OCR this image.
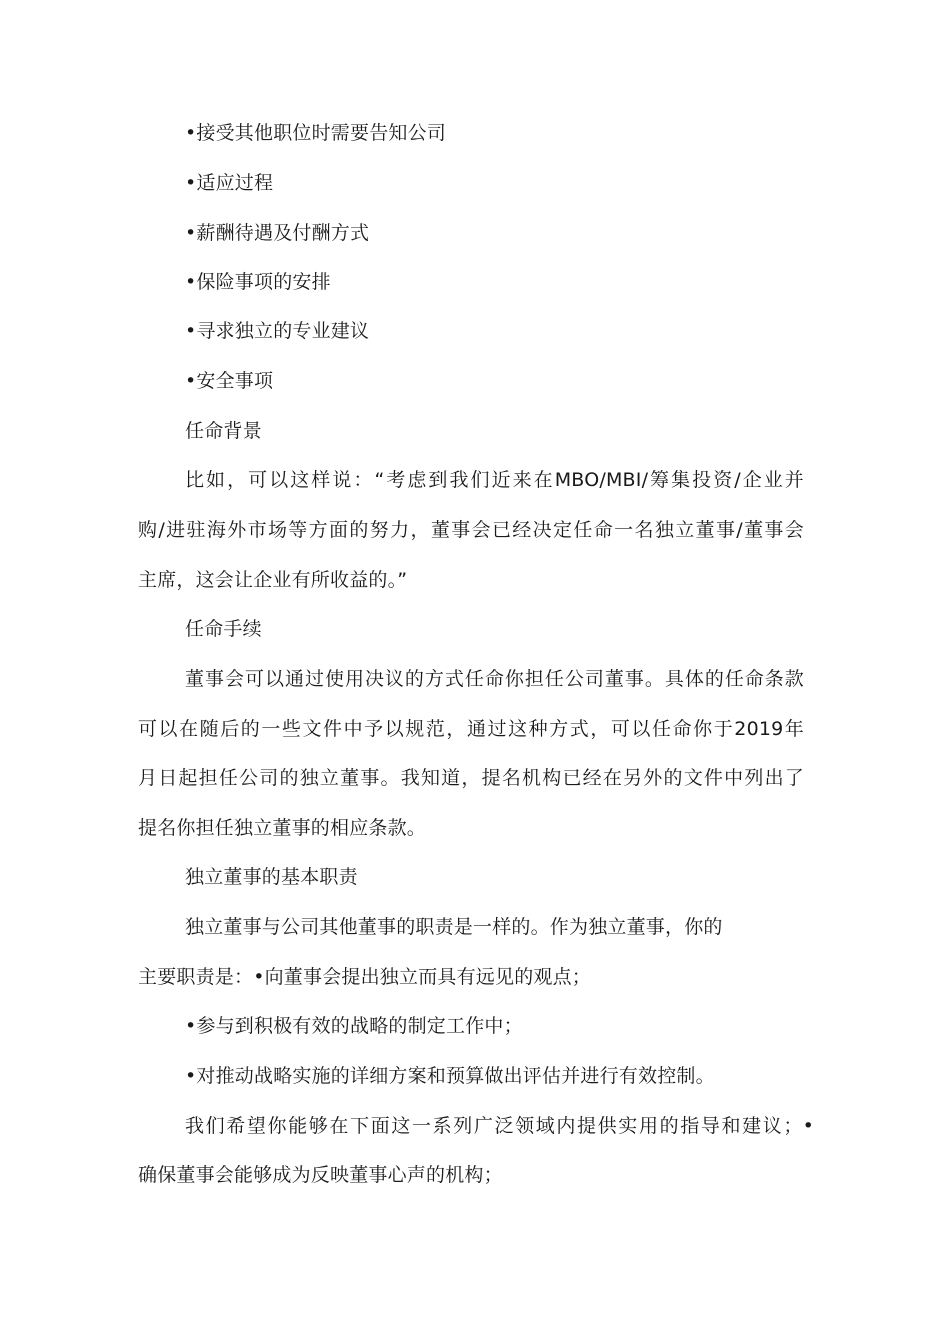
•接受其他职位时需要告知公司
•适应过程
•薪酬待遇及付酬方式
•保险事项的安排
•寻求独立的专业建议
•安全事项
任命背景
比如，可以这样说：“考虑到我们近来在MBO/MBI/筹集投资/企业并
购/进驻海外市场等方面的努力，董事会已经决定任命一名独立董事/董事会
主席，这会让企业有所收益的。”
任命手续
董事会可以通过使用决议的方式任命你担任公司董事。具体的任命条款
可以在随后的一些文件中予以规范，通过这种方式，可以任命你于2019年
月日起担任公司的独立董事。我知道，提名机构已经在另外的文件中列出了
提名你担任独立董事的相应条款。
独立董事的基本职责
独立董事与公司其他董事的职责是一样的。作为独立董事，你的
主要职责是：•向董事会提出独立而具有远见的观点；
•参与到积极有效的战略的制定工作中；
•对推动战略实施的详细方案和预算做出评估并进行有效控制。
我们希望你能够在下面这一系列广泛领域内提供实用的指导和建议；•
确保董事会能够成为反映董事心声的机构；
